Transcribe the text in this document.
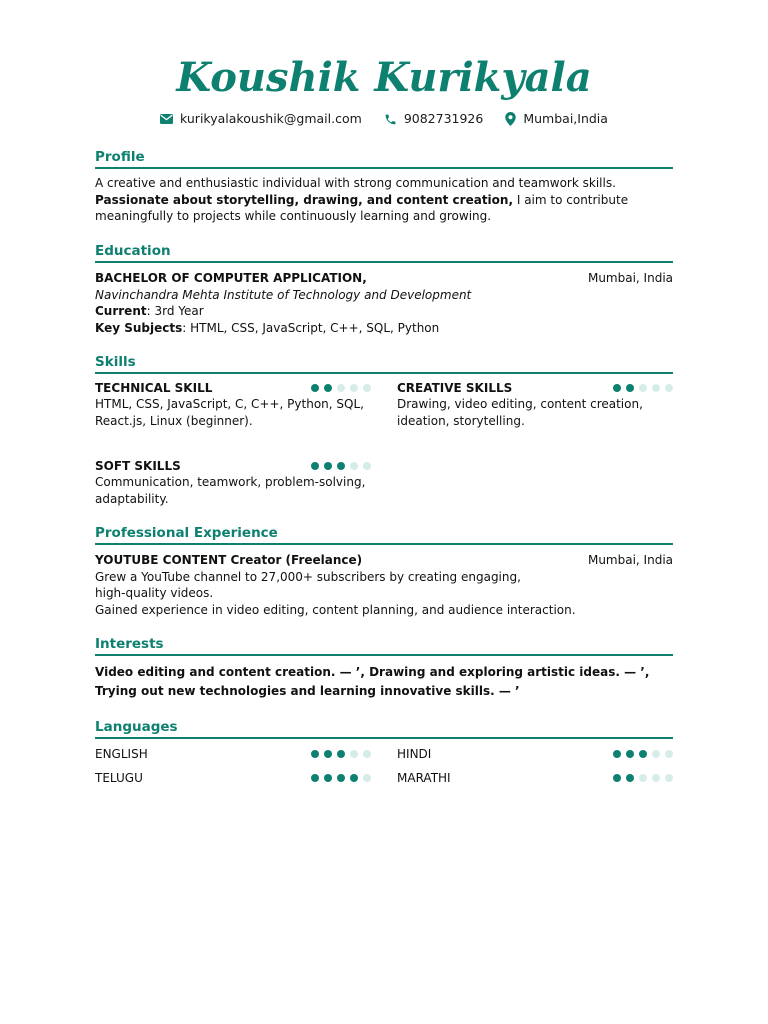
Koushik Kurikyala
kurikyalakoushik@gmail.com	9082731926	Mumbai,India
Profile
A creative and enthusiastic individual with strong communication and teamwork skills. Passionate about storytelling, drawing, and content creation, I aim to contribute meaningfully to projects while continuously learning and growing.
Education
BACHELOR OF COMPUTER APPLICATION,	Mumbai, India
Navinchandra Mehta Institute of Technology and Development
Current: 3rd Year
Key Subjects: HTML, CSS, JavaScript, C++, SQL, Python
Skills
TECHNICAL SKILL
HTML, CSS, JavaScript, C, C++, Python, SQL, React.js, Linux (beginner).
CREATIVE SKILLS
Drawing, video editing, content creation, ideation, storytelling.
SOFT SKILLS
Communication, teamwork, problem-solving, adaptability.
Professional Experience
YOUTUBE CONTENT Creator (Freelance)	Mumbai, India
Grew a YouTube channel to 27,000+ subscribers by creating engaging, high-quality videos.
Gained experience in video editing, content planning, and audience interaction.
Interests
Video editing and content creation. — ’, Drawing and exploring artistic ideas. — ’, Trying out new technologies and learning innovative skills. — ’
Languages
ENGLISH	HINDI
TELUGU	MARATHI
